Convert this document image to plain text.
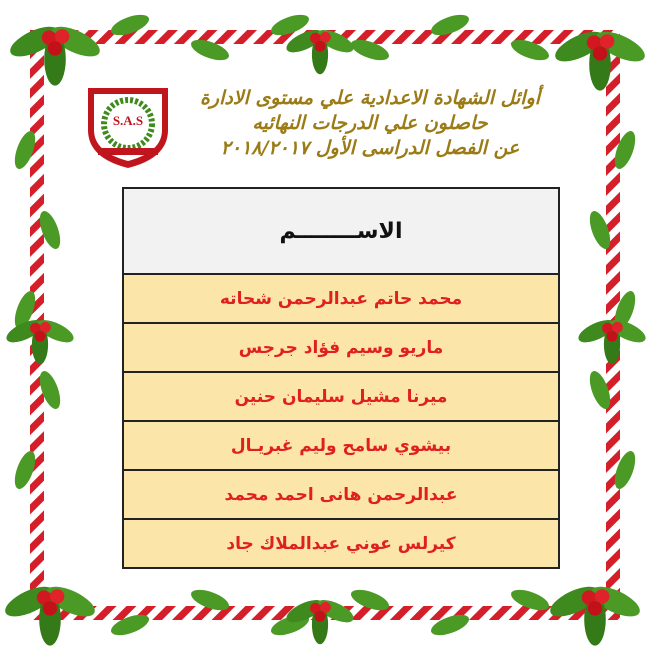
S.A.S
أوائل الشهادة الاعدادية علي مستوى الادارة
حاصلون علي الدرجات النهائيه
عن الفصل الدراسى الأول ٢٠١٨/٢٠١٧
الاســــــــم
محمد حاتم عبدالرحمن شحاته
ماريو وسيم فؤاد جرجس
ميرنا مشيل سليمان حنين
بيشوي سامح وليم غبريـال
عبدالرحمن هانى احمد محمد
كيرلس عوني عبدالملاك جاد
